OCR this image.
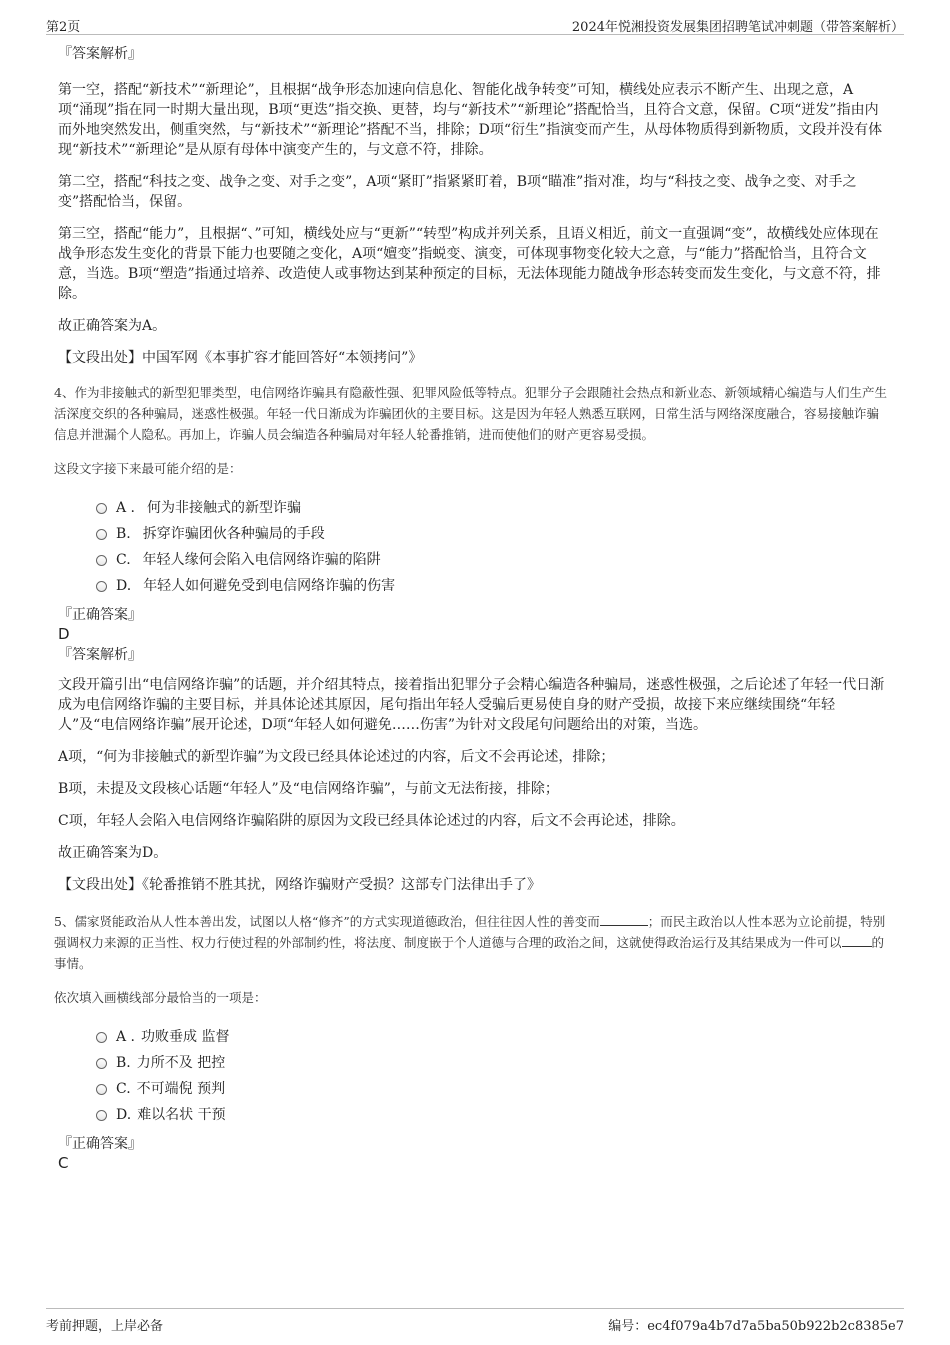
第2页	2024年悦湘投资发展集团招聘笔试冲刺题（带答案解析）

『答案解析』

第一空，搭配“新技术”“新理论”，且根据“战争形态加速向信息化、智能化战争转变”可知，横线处应表示不断产生、出现之意，A项“涌现”指在同一时期大量出现，B项“更迭”指交换、更替，均与“新技术”“新理论”搭配恰当，且符合文意，保留。C项“迸发”指由内而外地突然发出，侧重突然，与“新技术”“新理论”搭配不当，排除；D项“衍生”指演变而产生，从母体物质得到新物质，文段并没有体现“新技术”“新理论”是从原有母体中演变产生的，与文意不符，排除。

第二空，搭配“科技之变、战争之变、对手之变”，A项“紧盯”指紧紧盯着，B项“瞄准”指对准，均与“科技之变、战争之变、对手之变”搭配恰当，保留。

第三空，搭配“能力”，且根据“、”可知，横线处应与“更新”“转型”构成并列关系，且语义相近，前文一直强调“变”，故横线处应体现在战争形态发生变化的背景下能力也要随之变化，A项“嬗变”指蜕变、演变，可体现事物变化较大之意，与“能力”搭配恰当，且符合文意，当选。B项“塑造”指通过培养、改造使人或事物达到某种预定的目标，无法体现能力随战争形态转变而发生变化，与文意不符，排除。

故正确答案为A。

【文段出处】中国军网《本事扩容才能回答好“本领拷问”》

4、作为非接触式的新型犯罪类型，电信网络诈骗具有隐蔽性强、犯罪风险低等特点。犯罪分子会跟随社会热点和新业态、新领域精心编造与人们生产生活深度交织的各种骗局，迷惑性极强。年轻一代日渐成为诈骗团伙的主要目标。这是因为年轻人熟悉互联网，日常生活与网络深度融合，容易接触诈骗信息并泄漏个人隐私。再加上，诈骗人员会编造各种骗局对年轻人轮番推销，进而使他们的财产更容易受损。

这段文字接下来最可能介绍的是：

A . 何为非接触式的新型诈骗
B. 拆穿诈骗团伙各种骗局的手段
C. 年轻人缘何会陷入电信网络诈骗的陷阱
D. 年轻人如何避免受到电信网络诈骗的伤害

『正确答案』

D

『答案解析』

文段开篇引出“电信网络诈骗”的话题，并介绍其特点，接着指出犯罪分子会精心编造各种骗局，迷惑性极强，之后论述了年轻一代日渐成为电信网络诈骗的主要目标，并具体论述其原因，尾句指出年轻人受骗后更易使自身的财产受损，故接下来应继续围绕“年轻人”及“电信网络诈骗”展开论述，D项“年轻人如何避免……伤害”为针对文段尾句问题给出的对策，当选。

A项，“何为非接触式的新型诈骗”为文段已经具体论述过的内容，后文不会再论述，排除；

B项，未提及文段核心话题“年轻人”及“电信网络诈骗”，与前文无法衔接，排除；

C项，年轻人会陷入电信网络诈骗陷阱的原因为文段已经具体论述过的内容，后文不会再论述，排除。

故正确答案为D。

【文段出处】《轮番推销不胜其扰，网络诈骗财产受损？这部专门法律出手了》

5、儒家贤能政治从人性本善出发，试图以人格“修齐”的方式实现道德政治，但往往因人性的善变而	；而民主政治以人性本恶为立论前提，特别强调权力来源的正当性、权力行使过程的外部制约性，将法度、制度嵌于个人道德与合理的政治之间，这就使得政治运行及其结果成为一件可以 的事情。

依次填入画横线部分最恰当的一项是：

A . 功败垂成 监督
B. 力所不及 把控
C. 不可端倪 预判
D. 难以名状 干预

『正确答案』

C

考前押题，上岸必备	编号：ec4f079a4b7d7a5ba50b922b2c8385e7
